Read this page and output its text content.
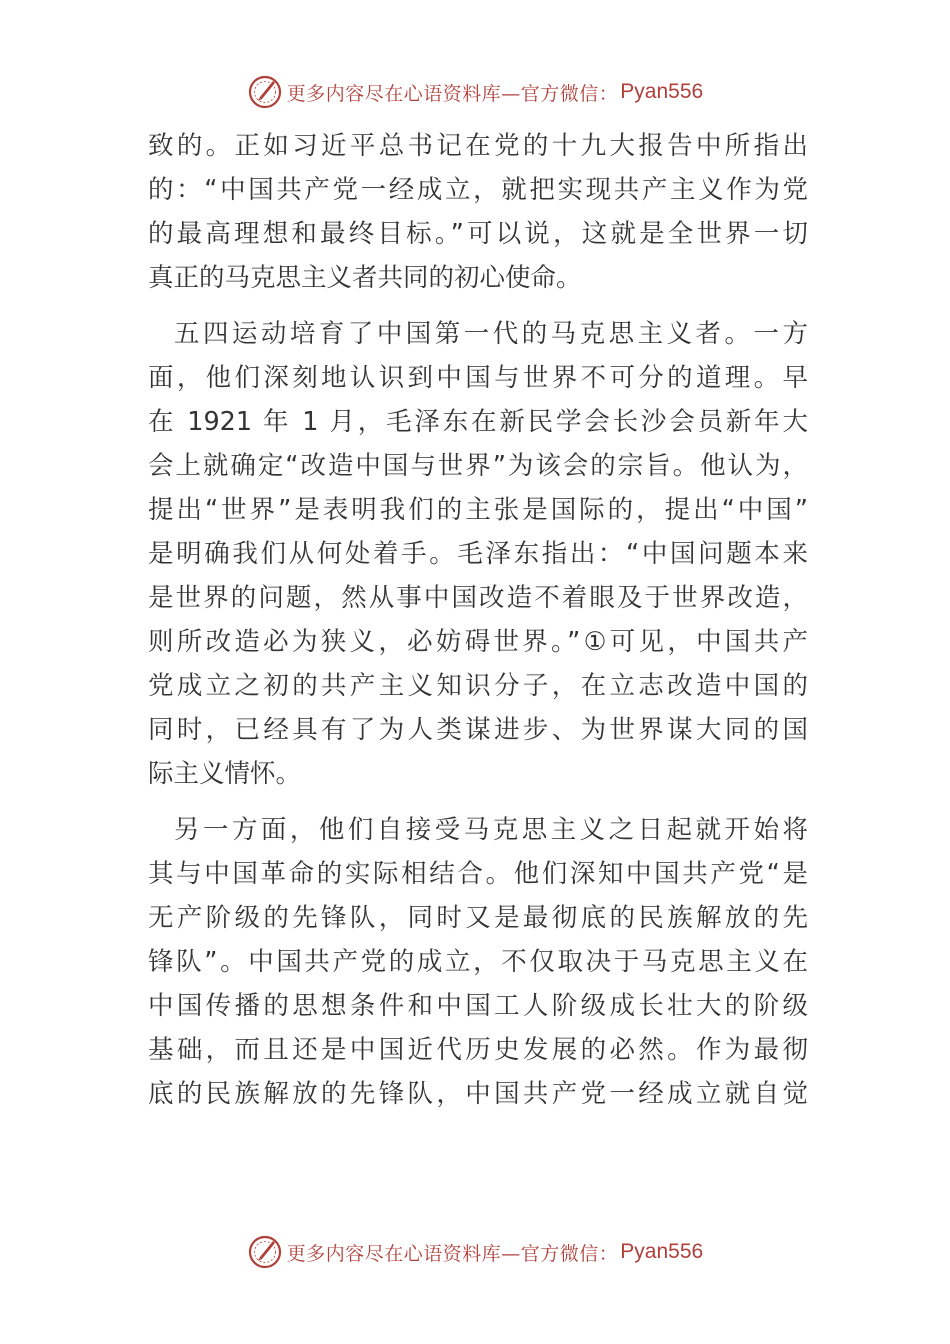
更多内容尽在心语资料库—官方微信： Pyan556
致的。正如习近平总书记在党的十九大报告中所指出
的：“中国共产党一经成立，就把实现共产主义作为党
的最高理想和最终目标。”可以说，这就是全世界一切
真正的马克思主义者共同的初心使命。
五四运动培育了中国第一代的马克思主义者。一方
面，他们深刻地认识到中国与世界不可分的道理。早
在 1921 年 1 月，毛泽东在新民学会长沙会员新年大
会上就确定“改造中国与世界”为该会的宗旨。他认为，
提出“世界”是表明我们的主张是国际的，提出“中国”
是明确我们从何处着手。毛泽东指出：“中国问题本来
是世界的问题，然从事中国改造不着眼及于世界改造，
则所改造必为狭义，必妨碍世界。”①可见，中国共产
党成立之初的共产主义知识分子，在立志改造中国的
同时，已经具有了为人类谋进步、为世界谋大同的国
际主义情怀。
另一方面，他们自接受马克思主义之日起就开始将
其与中国革命的实际相结合。他们深知中国共产党“是
无产阶级的先锋队，同时又是最彻底的民族解放的先
锋队”。中国共产党的成立，不仅取决于马克思主义在
中国传播的思想条件和中国工人阶级成长壮大的阶级
基础，而且还是中国近代历史发展的必然。作为最彻
底的民族解放的先锋队，中国共产党一经成立就自觉
更多内容尽在心语资料库—官方微信： Pyan556
